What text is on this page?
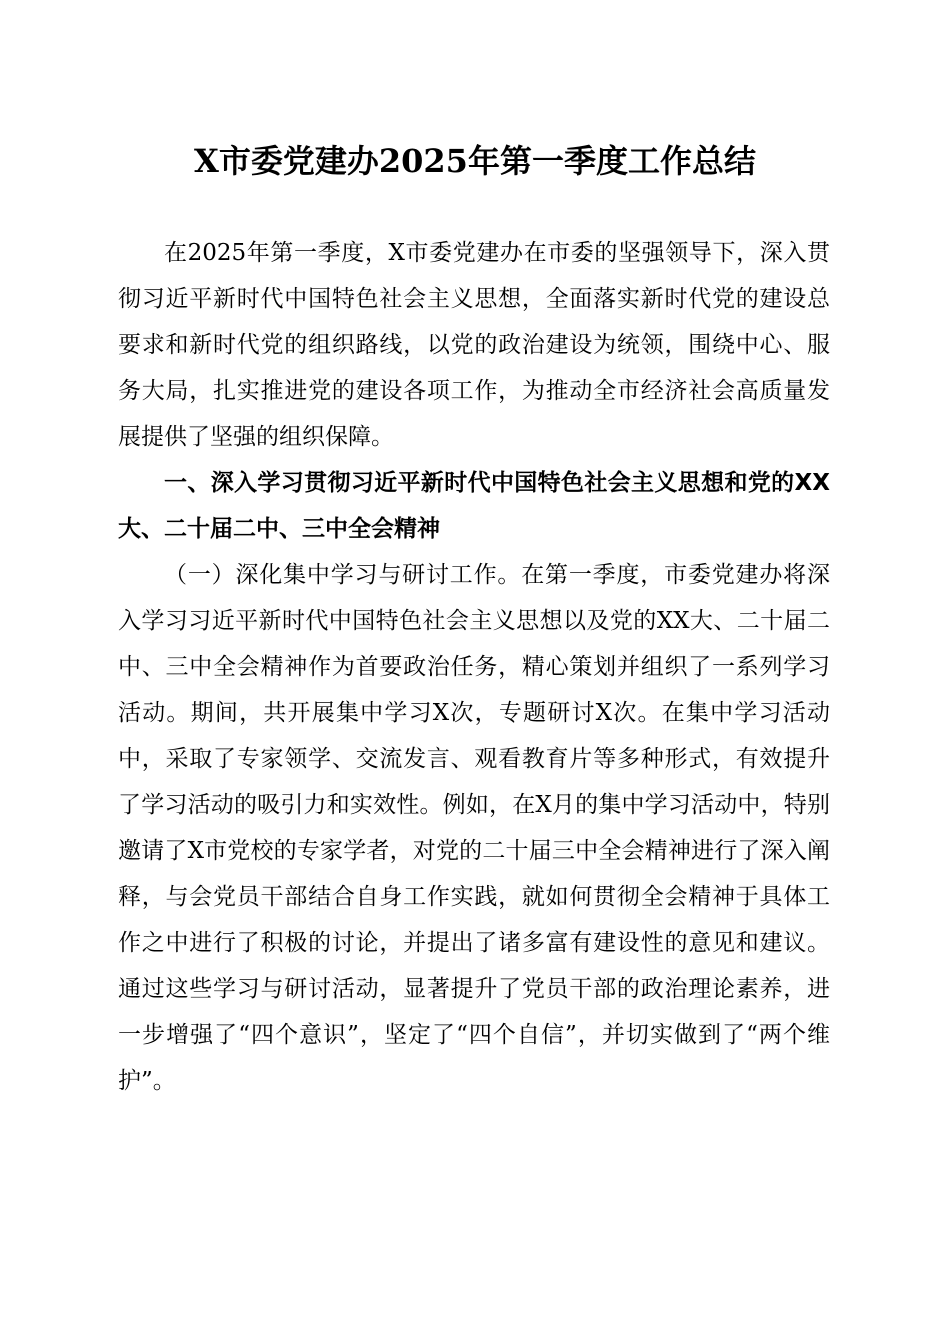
X市委党建办2025年第一季度工作总结

在2025年第一季度，X市委党建办在市委的坚强领导下，深入贯彻习近平新时代中国特色社会主义思想，全面落实新时代党的建设总要求和新时代党的组织路线，以党的政治建设为统领，围绕中心、服务大局，扎实推进党的建设各项工作，为推动全市经济社会高质量发展提供了坚强的组织保障。

一、深入学习贯彻习近平新时代中国特色社会主义思想和党的XX大、二十届二中、三中全会精神

（一）深化集中学习与研讨工作。在第一季度，市委党建办将深入学习习近平新时代中国特色社会主义思想以及党的XX大、二十届二中、三中全会精神作为首要政治任务，精心策划并组织了一系列学习活动。期间，共开展集中学习X次，专题研讨X次。在集中学习活动中，采取了专家领学、交流发言、观看教育片等多种形式，有效提升了学习活动的吸引力和实效性。例如，在X月的集中学习活动中，特别邀请了X市党校的专家学者，对党的二十届三中全会精神进行了深入阐释，与会党员干部结合自身工作实践，就如何贯彻全会精神于具体工作之中进行了积极的讨论，并提出了诸多富有建设性的意见和建议。通过这些学习与研讨活动，显著提升了党员干部的政治理论素养，进一步增强了“四个意识”，坚定了“四个自信”，并切实做到了“两个维护”。
